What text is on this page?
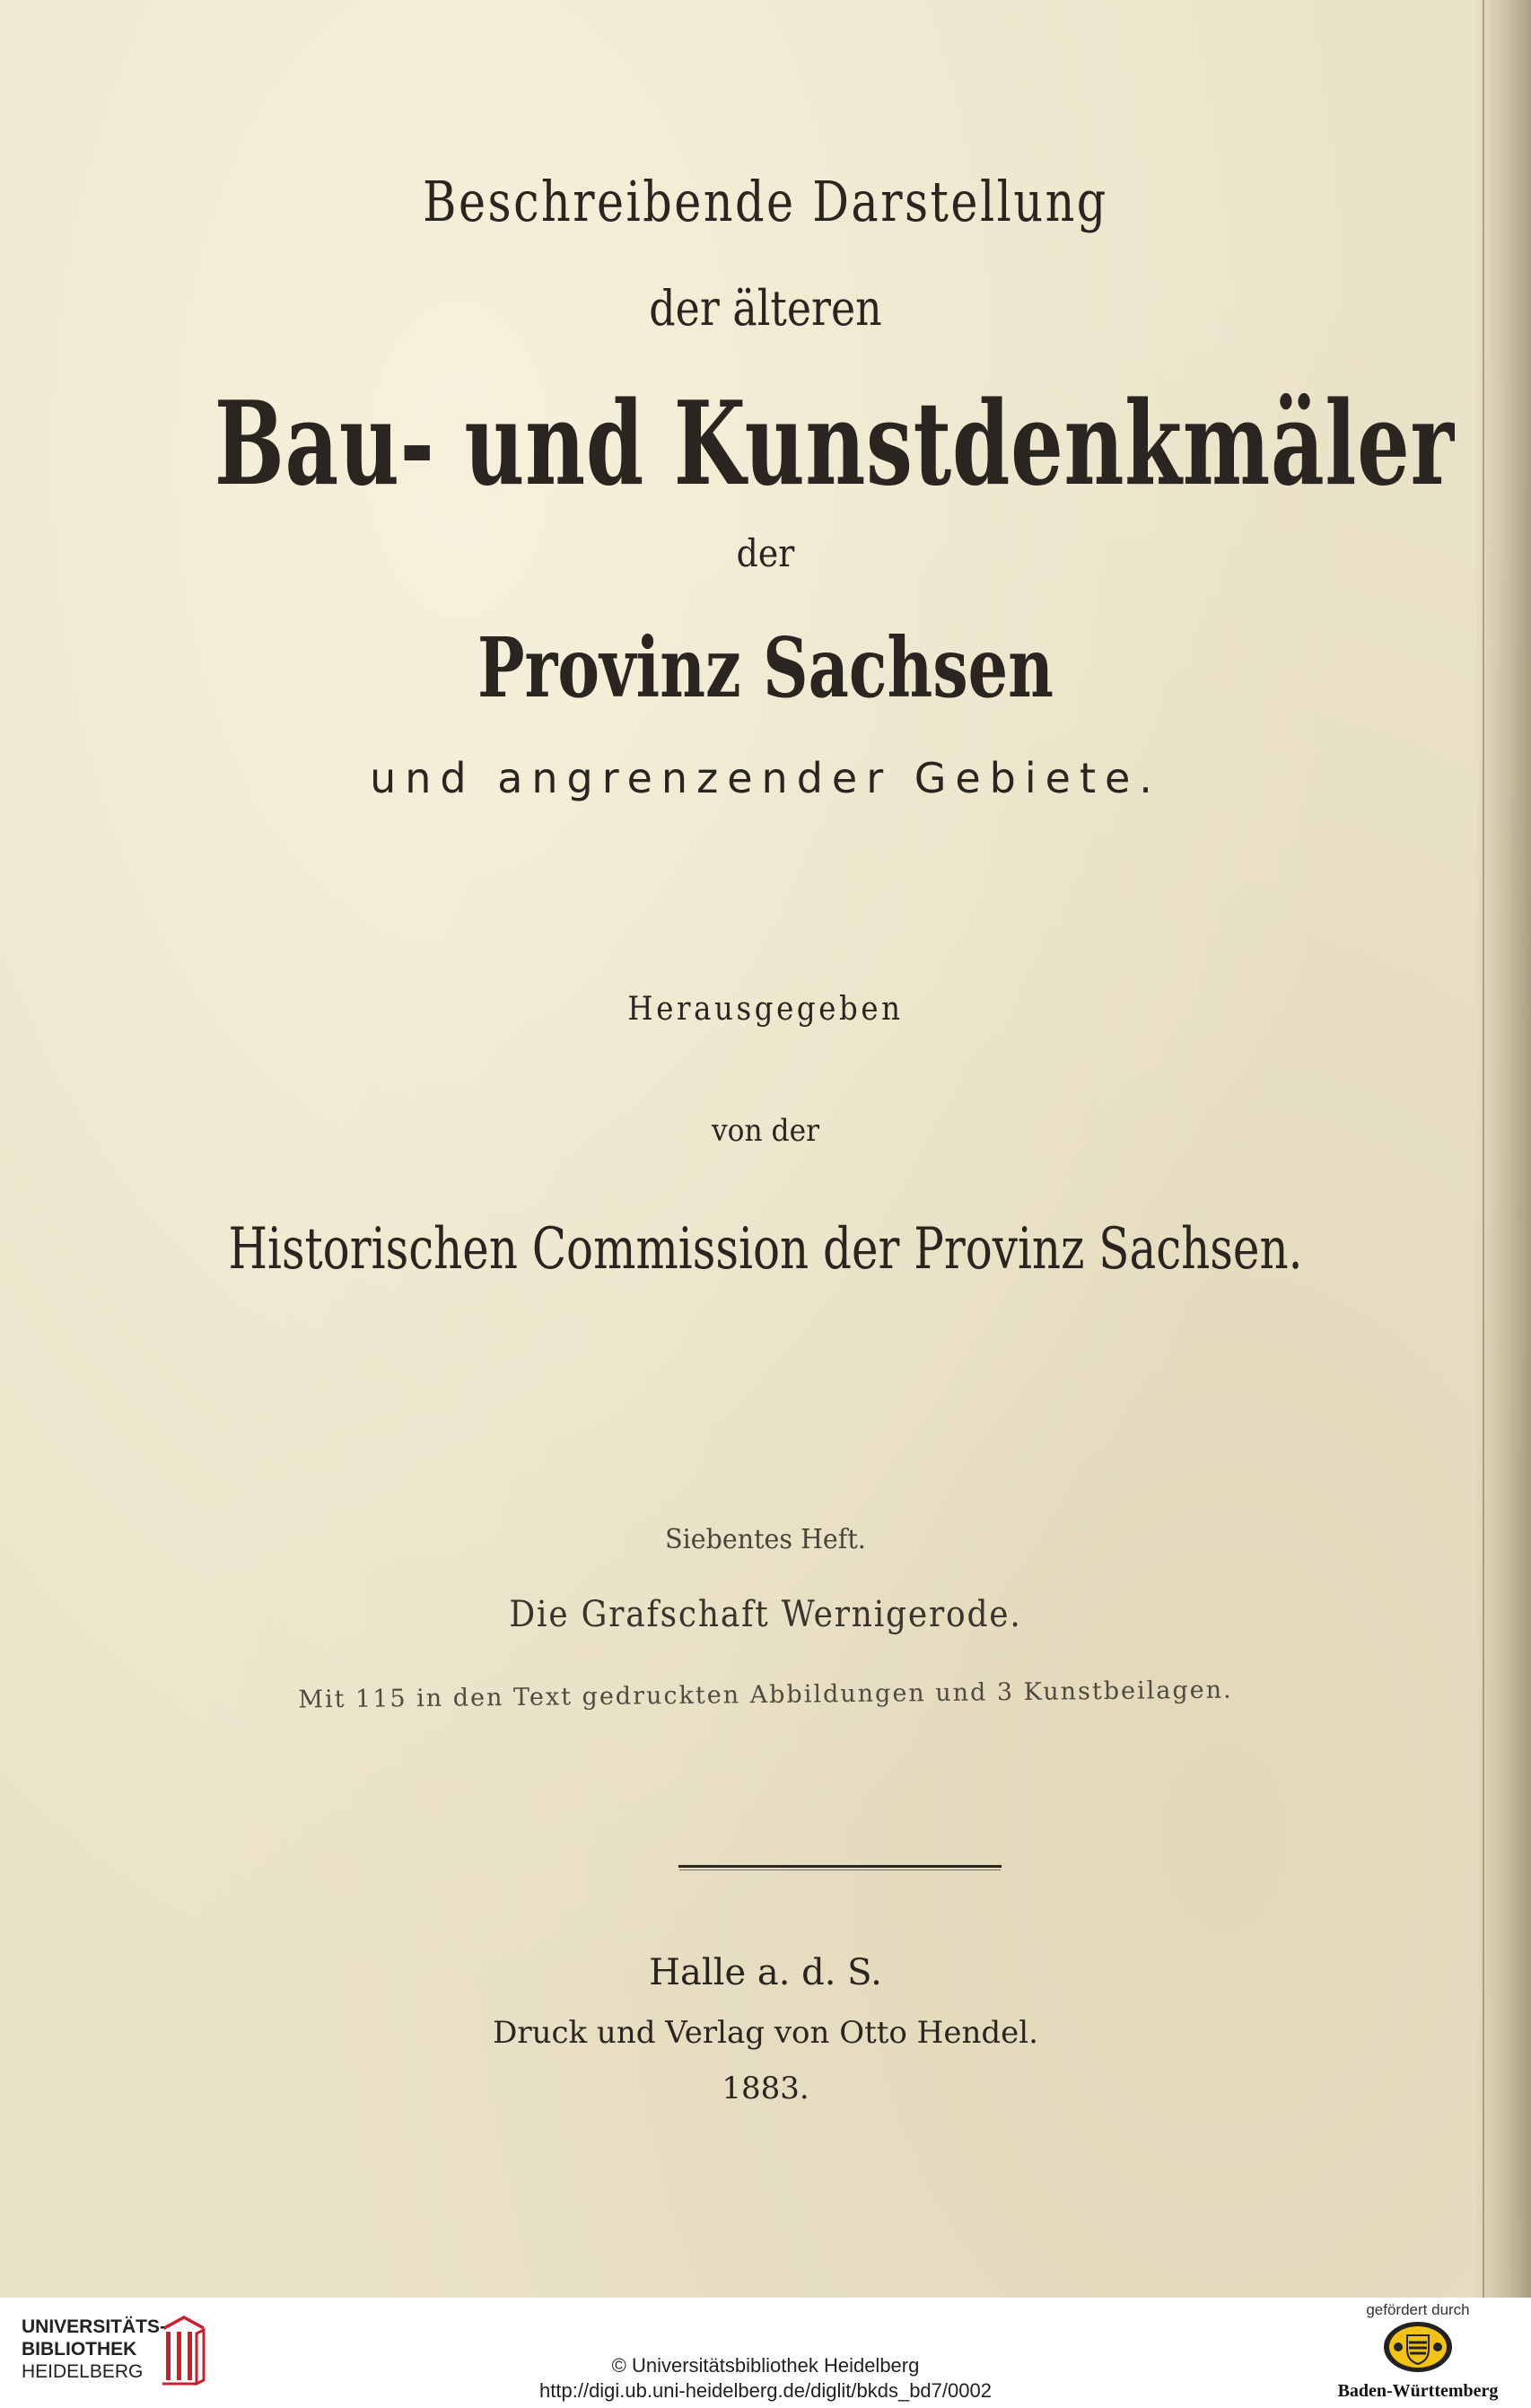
Beschreibende Darstellung
der älteren
Bau- und Kunstdenkmäler
der
Provinz Sachsen
und angrenzender Gebiete.
Herausgegeben
von der
Historischen Commission der Provinz Sachsen.
Siebentes Heft.
Die Grafschaft Wernigerode.
Mit 115 in den Text gedruckten Abbildungen und 3 Kunstbeilagen.
Halle a. d. S.
Druck und Verlag von Otto Hendel.
1883.
UNIVERSITÄTS-
BIBLIOTHEK
HEIDELBERG	© Universitätsbibliothek Heidelberg
http://digi.ub.uni-heidelberg.de/diglit/bkds_bd7/0002
gefördert durch
Baden-Württemberg
